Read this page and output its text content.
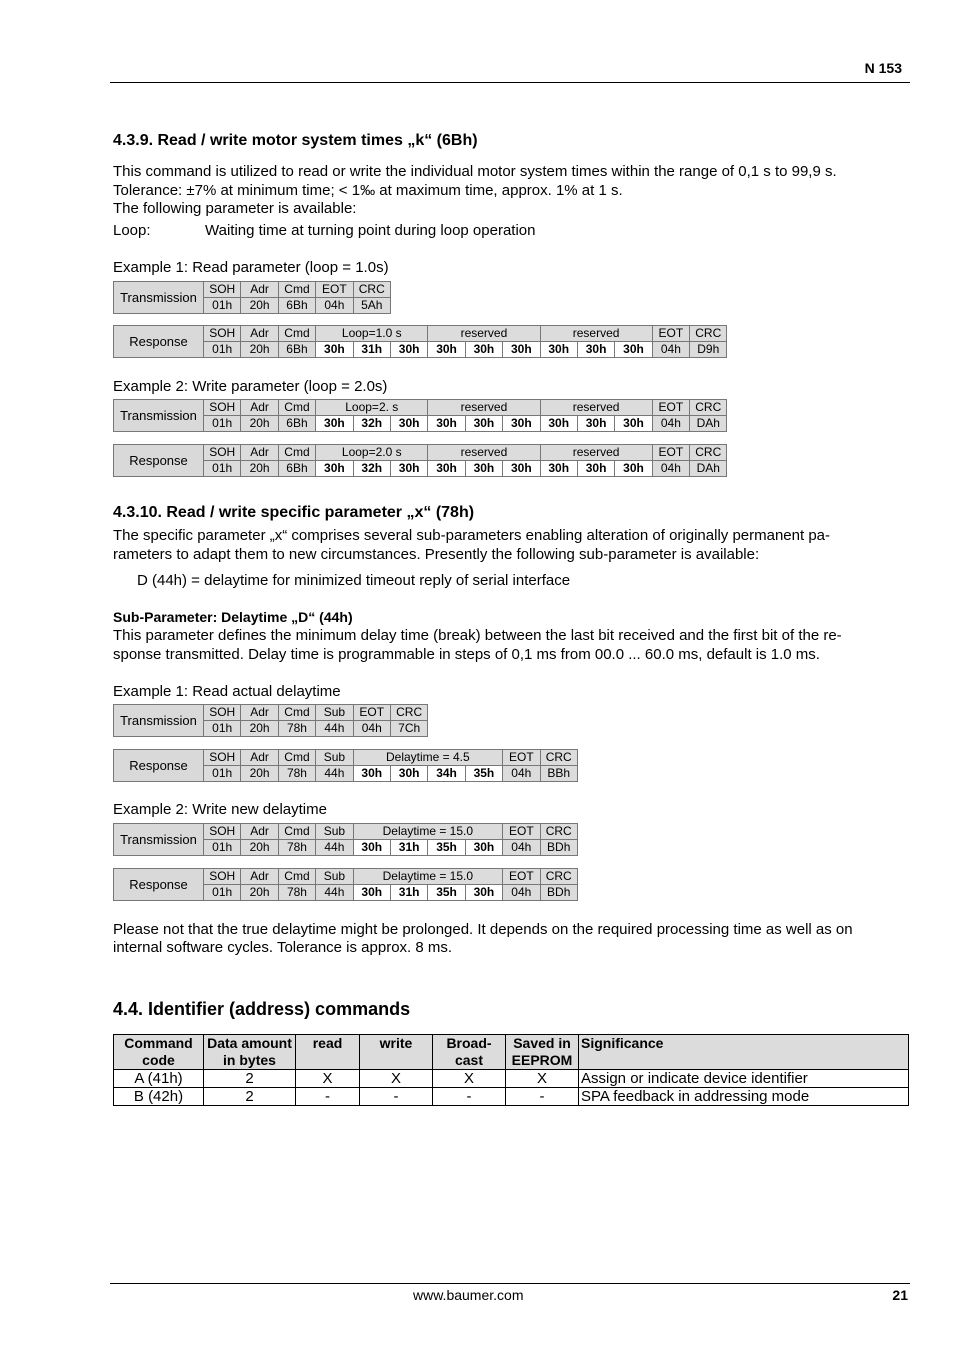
N 153
4.3.9. Read / write motor system times „k“ (6Bh)
This command is utilized to read or write the individual motor system times within the range of 0,1 s to 99,9 s.
Tolerance: ±7% at minimum time; < 1‰ at maximum time, approx. 1% at 1 s.
The following parameter is available:
Loop:	Waiting time at turning point during loop operation
Example 1: Read parameter (loop = 1.0s)
Transmission	SOH	Adr	Cmd	EOT	CRC
	01h	20h	6Bh	04h	5Ah
Response	SOH	Adr	Cmd	Loop=1.0 s			reserved			reserved			EOT	CRC
	01h	20h	6Bh	30h	31h	30h	30h	30h	30h	30h	30h	30h	04h	D9h
Example 2: Write parameter (loop = 2.0s)
Transmission	SOH	Adr	Cmd	Loop=2. s			reserved			reserved			EOT	CRC
	01h	20h	6Bh	30h	32h	30h	30h	30h	30h	30h	30h	30h	04h	DAh
Response	SOH	Adr	Cmd	Loop=2.0 s			reserved			reserved			EOT	CRC
	01h	20h	6Bh	30h	32h	30h	30h	30h	30h	30h	30h	30h	04h	DAh
4.3.10. Read / write specific parameter „x“ (78h)
The specific parameter „x“ comprises several sub-parameters enabling alteration of originally permanent pa-
rameters to adapt them to new circumstances. Presently the following sub-parameter is available:
D (44h) = delaytime for minimized timeout reply of serial interface
Sub-Parameter: Delaytime „D“ (44h)
This parameter defines the minimum delay time (break) between the last bit received and the first bit of the re-
sponse transmitted. Delay time is programmable in steps of 0,1 ms from 00.0 ... 60.0 ms, default is 1.0 ms.
Example 1: Read actual delaytime
Transmission	SOH	Adr	Cmd	Sub	EOT	CRC
	01h	20h	78h	44h	04h	7Ch
Response	SOH	Adr	Cmd	Sub	Delaytime = 4.5				EOT	CRC
	01h	20h	78h	44h	30h	30h	34h	35h	04h	BBh
Example 2: Write new delaytime
Transmission	SOH	Adr	Cmd	Sub	Delaytime = 15.0				EOT	CRC
	01h	20h	78h	44h	30h	31h	35h	30h	04h	BDh
Response	SOH	Adr	Cmd	Sub	Delaytime = 15.0				EOT	CRC
	01h	20h	78h	44h	30h	31h	35h	30h	04h	BDh
Please not that the true delaytime might be prolonged. It depends on the required processing time as well as on
internal software cycles. Tolerance is approx. 8 ms.
4.4. Identifier (address) commands
Command code	Data amount in bytes	read	write	Broad- cast	Saved in EEPROM	Significance
A (41h)	2	X	X	X	X	Assign or indicate device identifier
B (42h)	2	-	-	-	-	SPA feedback in addressing mode
www.baumer.com	21
